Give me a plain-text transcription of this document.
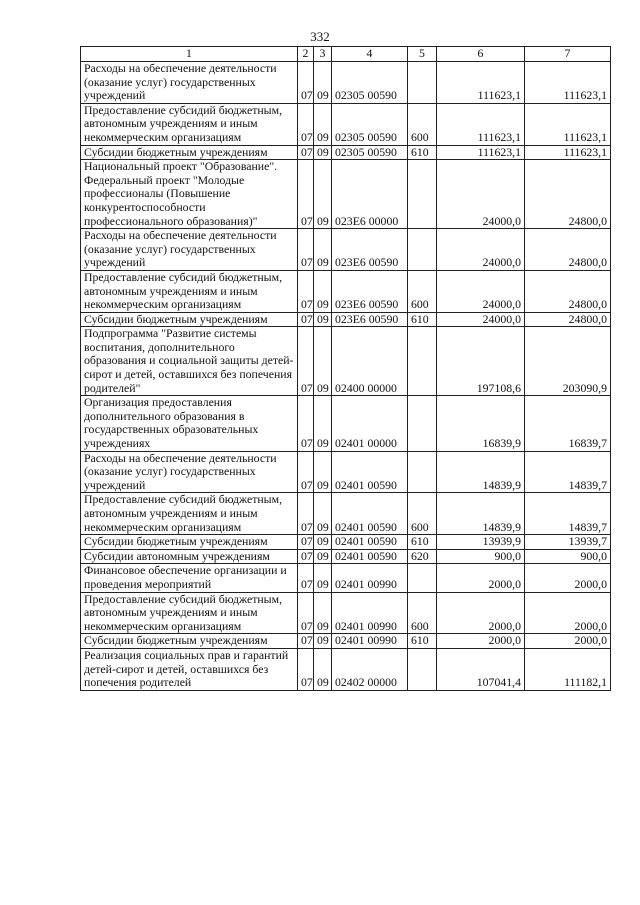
332
1	2	3	4	5	6	7
Расходы на обеспечение деятельности (оказание услуг) государственных учреждений	07	09	02305 00590		111623,1	111623,1
Предоставление субсидий бюджетным, автономным учреждениям и иным некоммерческим организациям	07	09	02305 00590	600	111623,1	111623,1
Субсидии бюджетным учреждениям	07	09	02305 00590	610	111623,1	111623,1
Национальный проект "Образование". Федеральный проект "Молодые профессионалы (Повышение конкурентоспособности профессионального образования)"	07	09	023Е6 00000		24000,0	24800,0
Расходы на обеспечение деятельности (оказание услуг) государственных учреждений	07	09	023Е6 00590		24000,0	24800,0
Предоставление субсидий бюджетным, автономным учреждениям и иным некоммерческим организациям	07	09	023Е6 00590	600	24000,0	24800,0
Субсидии бюджетным учреждениям	07	09	023Е6 00590	610	24000,0	24800,0
Подпрограмма "Развитие системы воспитания, дополнительного образования и социальной защиты детей-сирот и детей, оставшихся без попечения родителей"	07	09	02400 00000		197108,6	203090,9
Организация предоставления дополнительного образования в государственных образовательных учреждениях	07	09	02401 00000		16839,9	16839,7
Расходы на обеспечение деятельности (оказание услуг) государственных учреждений	07	09	02401 00590		14839,9	14839,7
Предоставление субсидий бюджетным, автономным учреждениям и иным некоммерческим организациям	07	09	02401 00590	600	14839,9	14839,7
Субсидии бюджетным учреждениям	07	09	02401 00590	610	13939,9	13939,7
Субсидии автономным учреждениям	07	09	02401 00590	620	900,0	900,0
Финансовое обеспечение организации и проведения мероприятий	07	09	02401 00990		2000,0	2000,0
Предоставление субсидий бюджетным, автономным учреждениям и иным некоммерческим организациям	07	09	02401 00990	600	2000,0	2000,0
Субсидии бюджетным учреждениям	07	09	02401 00990	610	2000,0	2000,0
Реализация социальных прав и гарантий детей-сирот и детей, оставшихся без попечения родителей	07	09	02402 00000		107041,4	111182,1
